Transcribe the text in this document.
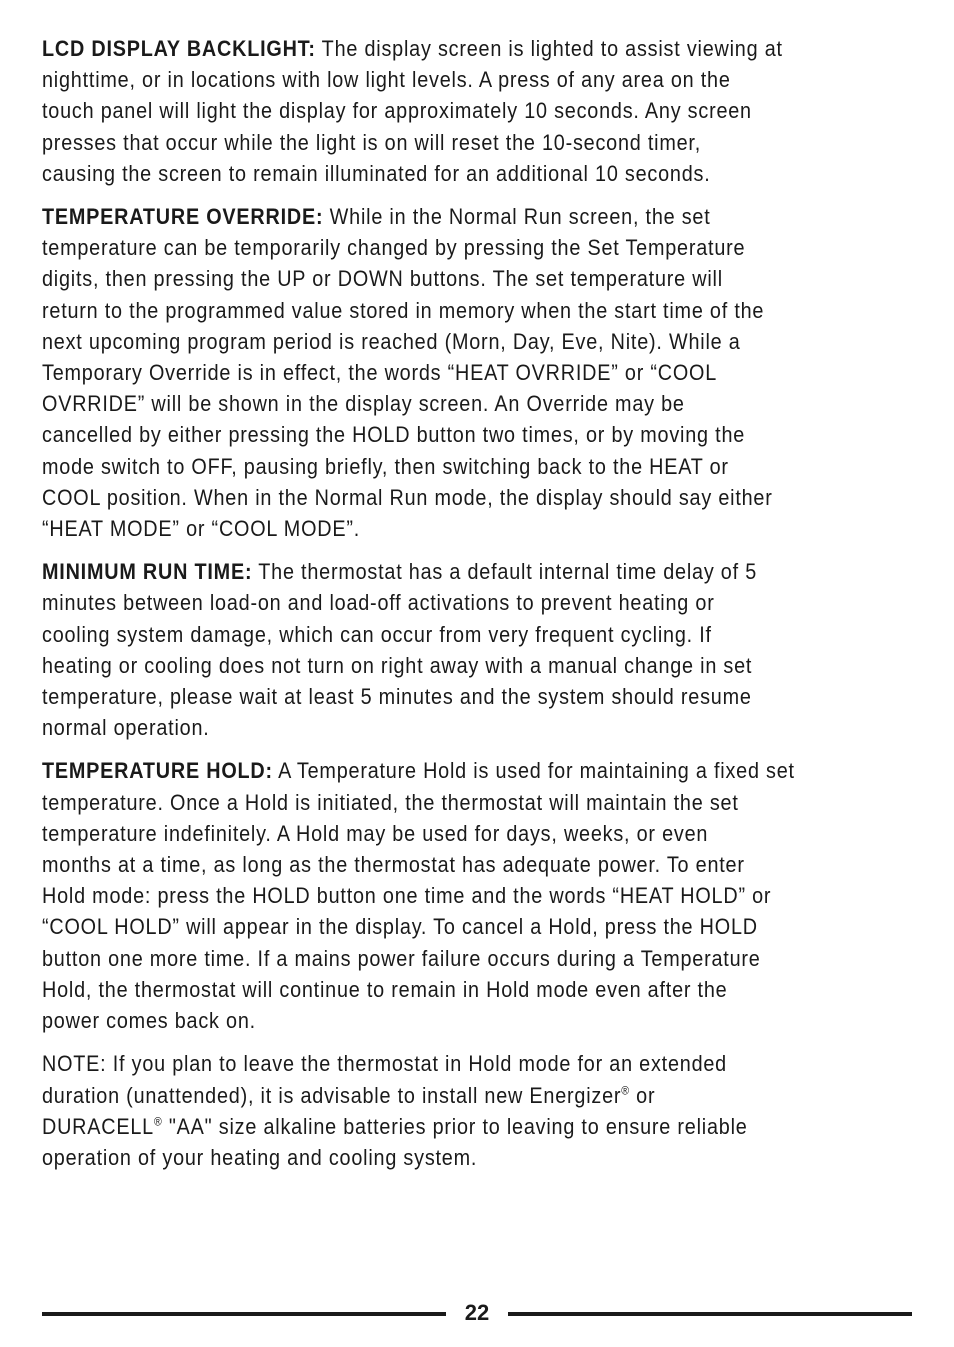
LCD DISPLAY BACKLIGHT: The display screen is lighted to assist viewing at
nighttime, or in locations with low light levels. A press of any area on the
touch panel will light the display for approximately 10 seconds. Any screen
presses that occur while the light is on will reset the 10-second timer,
causing the screen to remain illuminated for an additional 10 seconds.

TEMPERATURE OVERRIDE: While in the Normal Run screen, the set
temperature can be temporarily changed by pressing the Set Temperature
digits, then pressing the UP or DOWN buttons. The set temperature will
return to the programmed value stored in memory when the start time of the
next upcoming program period is reached (Morn, Day, Eve, Nite). While a
Temporary Override is in effect, the words “HEAT OVRRIDE” or “COOL
OVRRIDE” will be shown in the display screen. An Override may be
cancelled by either pressing the HOLD button two times, or by moving the
mode switch to OFF, pausing briefly, then switching back to the HEAT or
COOL position. When in the Normal Run mode, the display should say either
“HEAT MODE” or “COOL MODE”.

MINIMUM RUN TIME: The thermostat has a default internal time delay of 5
minutes between load-on and load-off activations to prevent heating or
cooling system damage, which can occur from very frequent cycling. If
heating or cooling does not turn on right away with a manual change in set
temperature, please wait at least 5 minutes and the system should resume
normal operation.

TEMPERATURE HOLD: A Temperature Hold is used for maintaining a fixed set
temperature. Once a Hold is initiated, the thermostat will maintain the set
temperature indefinitely. A Hold may be used for days, weeks, or even
months at a time, as long as the thermostat has adequate power. To enter
Hold mode: press the HOLD button one time and the words “HEAT HOLD” or
“COOL HOLD” will appear in the display. To cancel a Hold, press the HOLD
button one more time. If a mains power failure occurs during a Temperature
Hold, the thermostat will continue to remain in Hold mode even after the
power comes back on.

NOTE: If you plan to leave the thermostat in Hold mode for an extended
duration (unattended), it is advisable to install new Energizer® or
DURACELL® "AA" size alkaline batteries prior to leaving to ensure reliable
operation of your heating and cooling system.

22
